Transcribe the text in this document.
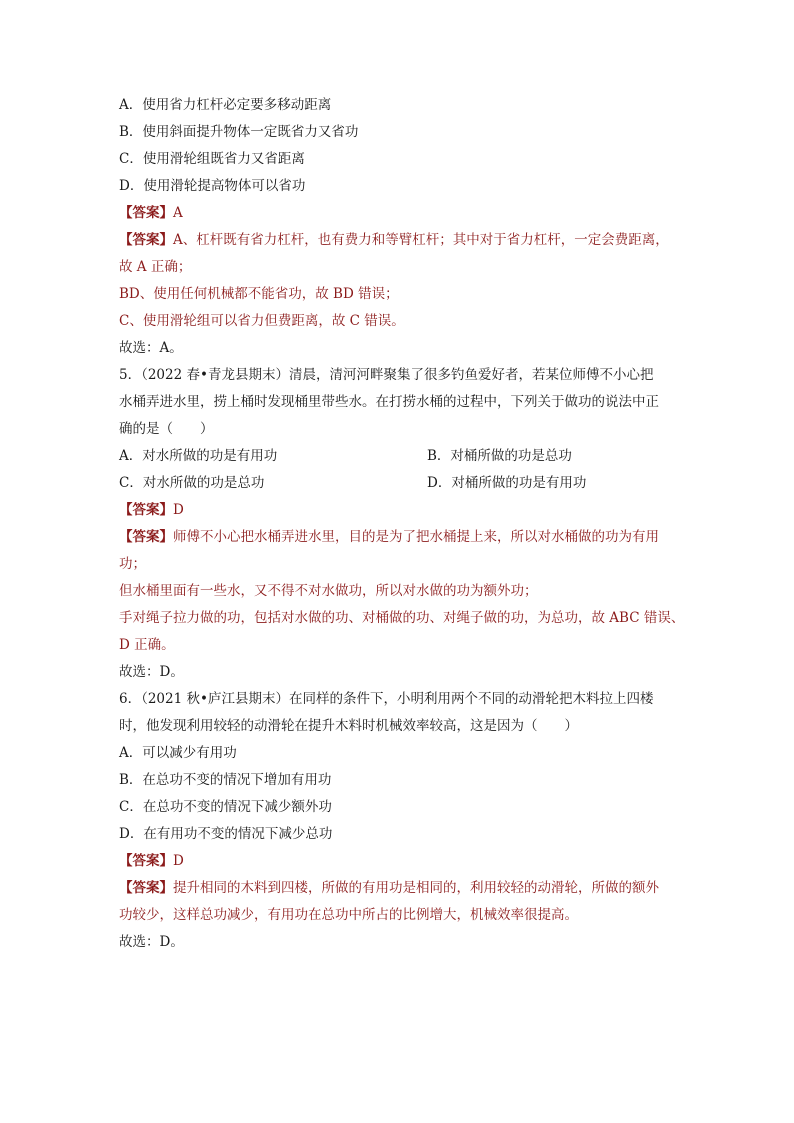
A．使用省力杠杆必定要多移动距离
B．使用斜面提升物体一定既省力又省功
C．使用滑轮组既省力又省距离
D．使用滑轮提高物体可以省功
【答案】A
【答案】A、杠杆既有省力杠杆，也有费力和等臂杠杆；其中对于省力杠杆，一定会费距离，
故 A 正确；
BD、使用任何机械都不能省功，故 BD 错误；
C、使用滑轮组可以省力但费距离，故 C 错误。
故选：A。
5．（2022 春•青龙县期末）清晨，清河河畔聚集了很多钓鱼爱好者，若某位师傅不小心把
水桶弄进水里，捞上桶时发现桶里带些水。在打捞水桶的过程中，下列关于做功的说法中正
确的是（　　）
A．对水所做的功是有用功	B．对桶所做的功是总功
C．对水所做的功是总功	D．对桶所做的功是有用功
【答案】D
【答案】师傅不小心把水桶弄进水里，目的是为了把水桶提上来，所以对水桶做的功为有用
功；
但水桶里面有一些水，又不得不对水做功，所以对水做的功为额外功；
手对绳子拉力做的功，包括对水做的功、对桶做的功、对绳子做的功，为总功，故 ABC 错误、
D 正确。
故选：D。
6．（2021 秋•庐江县期末）在同样的条件下，小明利用两个不同的动滑轮把木料拉上四楼
时，他发现利用较轻的动滑轮在提升木料时机械效率较高，这是因为（　　）
A．可以减少有用功
B．在总功不变的情况下增加有用功
C．在总功不变的情况下减少额外功
D．在有用功不变的情况下减少总功
【答案】D
【答案】提升相同的木料到四楼，所做的有用功是相同的，利用较轻的动滑轮，所做的额外
功较少，这样总功减少，有用功在总功中所占的比例增大，机械效率很提高。
故选：D。
